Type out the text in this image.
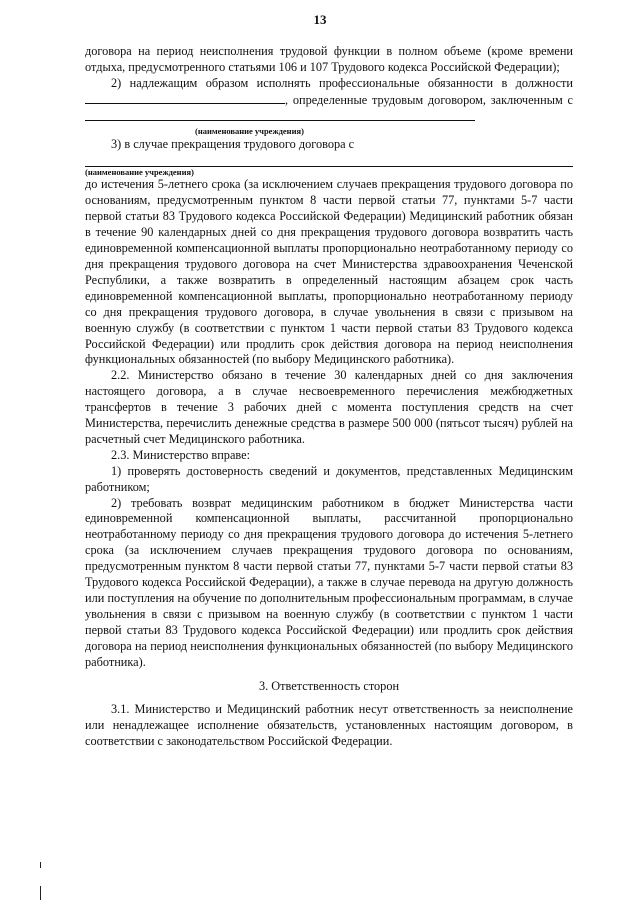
13

договора на период неисполнения трудовой функции в полном объеме (кроме времени отдыха, предусмотренного статьями 106 и 107 Трудового кодекса Российской Федерации);

2) надлежащим образом исполнять профессиональные обязанности в должности , определенные трудовым договором, заключенным с

(наименование учреждения)

3) в случае прекращения трудового договора с

(наименование учреждения)

до истечения 5-летнего срока (за исключением случаев прекращения трудового договора по основаниям, предусмотренным пунктом 8 части первой статьи 77, пунктами 5-7 части первой статьи 83 Трудового кодекса Российской Федерации) Медицинский работник обязан в течение 90 календарных дней со дня прекращения трудового договора возвратить часть единовременной компенсационной выплаты пропорционально неотработанному периоду со дня прекращения трудового договора на счет Министерства здравоохранения Чеченской Республики, а также возвратить в определенный настоящим абзацем срок часть единовременной компенсационной выплаты, пропорционально неотработанному периоду со дня прекращения трудового договора, в случае увольнения в связи с призывом на военную службу (в соответствии с пунктом 1 части первой статьи 83 Трудового кодекса Российской Федерации) или продлить срок действия договора на период неисполнения функциональных обязанностей (по выбору Медицинского работника).

2.2. Министерство обязано в течение 30 календарных дней со дня заключения настоящего договора, а в случае несвоевременного перечисления межбюджетных трансфертов в течение 3 рабочих дней с момента поступления средств на счет Министерства, перечислить денежные средства в размере 500 000 (пятьсот тысяч) рублей на расчетный счет Медицинского работника.

2.3. Министерство вправе:

1) проверять достоверность сведений и документов, представленных Медицинским работником;

2) требовать возврат медицинским работником в бюджет Министерства части единовременной компенсационной выплаты, рассчитанной пропорционально неотработанному периоду со дня прекращения трудового договора до истечения 5-летнего срока (за исключением случаев прекращения трудового договора по основаниям, предусмотренным пунктом 8 части первой статьи 77, пунктами 5-7 части первой статьи 83 Трудового кодекса Российской Федерации), а также в случае перевода на другую должность или поступления на обучение по дополнительным профессиональным программам, в случае увольнения в связи с призывом на военную службу (в соответствии с пунктом 1 части первой статьи 83 Трудового кодекса Российской Федерации) или продлить срок действия договора на период неисполнения функциональных обязанностей (по выбору Медицинского работника).

3. Ответственность сторон

3.1. Министерство и Медицинский работник несут ответственность за неисполнение или ненадлежащее исполнение обязательств, установленных настоящим договором, в соответствии с законодательством Российской Федерации.
